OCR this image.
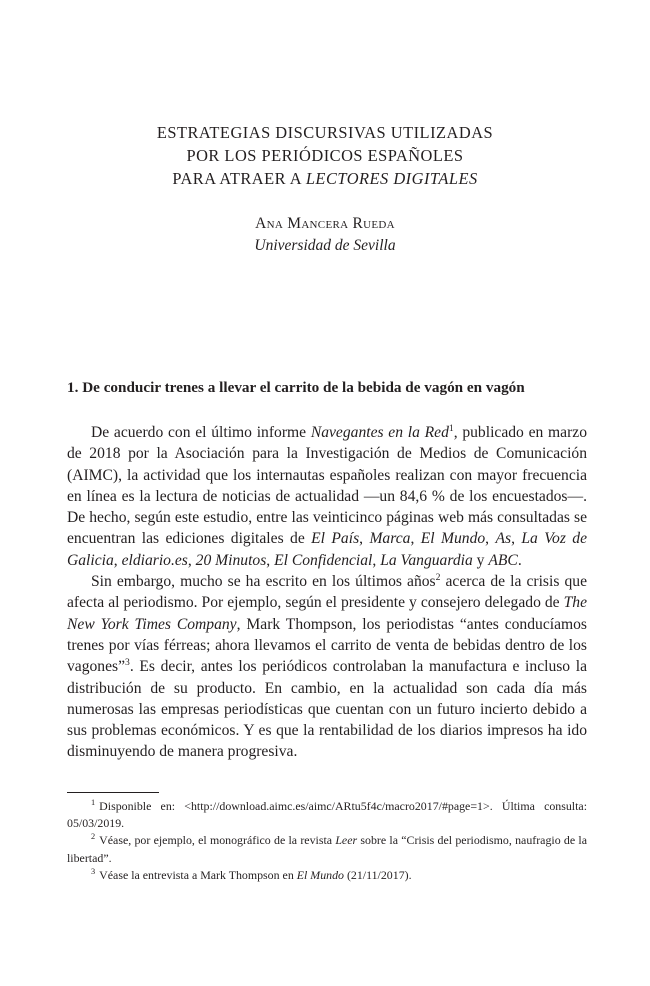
ESTRATEGIAS DISCURSIVAS UTILIZADAS
POR LOS PERIÓDICOS ESPAÑOLES
PARA ATRAER A LECTORES DIGITALES
Ana Mancera Rueda
Universidad de Sevilla
1. De conducir trenes a llevar el carrito de la bebida de vagón en vagón

De acuerdo con el último informe Navegantes en la Red$^1$, publicado en marzo de 2018 por la Asociación para la Investigación de Medios de Comunicación (AIMC), la actividad que los internautas españoles realizan con mayor frecuencia en línea es la lectura de noticias de actualidad —un 84,6 % de los encuestados—. De hecho, según este estudio, entre las veinticinco páginas web más consultadas se encuentran las ediciones digitales de El País, Marca, El Mundo, As, La Voz de Galicia, eldiario.es, 20 Minutos, El Confidencial, La Vanguardia y ABC.

Sin embargo, mucho se ha escrito en los últimos años$^2$ acerca de la crisis que afecta al periodismo. Por ejemplo, según el presidente y consejero delegado de The New York Times Company, Mark Thompson, los periodistas “antes conducíamos trenes por vías férreas; ahora llevamos el carrito de venta de bebidas dentro de los vagones”$^3$. Es decir, antes los periódicos controlaban la manufactura e incluso la distribución de su producto. En cambio, en la actualidad son cada día más numerosas las empresas periodísticas que cuentan con un futuro incierto debido a sus problemas económicos. Y es que la rentabilidad de los diarios impresos ha ido disminuyendo de manera progresiva.

$^1$ Disponible en: <http://download.aimc.es/aimc/ARtu5f4c/macro2017/#page=1>. Última consulta: 05/03/2019.

$^2$ Véase, por ejemplo, el monográfico de la revista Leer sobre la “Crisis del periodismo, naufragio de la libertad”.

$^3$ Véase la entrevista a Mark Thompson en El Mundo (21/11/2017).
